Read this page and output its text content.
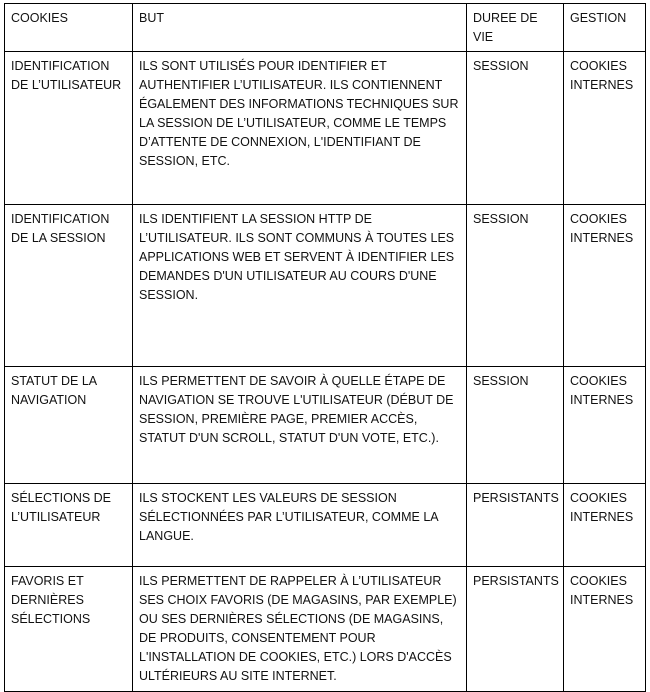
COOKIES	BUT	DUREE DE VIE	GESTION
IDENTIFICATION DE L’UTILISATEUR	ILS SONT UTILISÉS POUR IDENTIFIER ET AUTHENTIFIER L’UTILISATEUR. ILS CONTIENNENT ÉGALEMENT DES INFORMATIONS TECHNIQUES SUR LA SESSION DE L’UTILISATEUR, COMME LE TEMPS D’ATTENTE DE CONNEXION, L'IDENTIFIANT DE SESSION, ETC.	SESSION	COOKIES INTERNES
IDENTIFICATION DE LA SESSION	ILS IDENTIFIENT LA SESSION HTTP DE L’UTILISATEUR. ILS SONT COMMUNS À TOUTES LES APPLICATIONS WEB ET SERVENT À IDENTIFIER LES DEMANDES D'UN UTILISATEUR AU COURS D'UNE SESSION.	SESSION	COOKIES INTERNES
STATUT DE LA NAVIGATION	ILS PERMETTENT DE SAVOIR À QUELLE ÉTAPE DE NAVIGATION SE TROUVE L'UTILISATEUR (DÉBUT DE SESSION, PREMIÈRE PAGE, PREMIER ACCÈS, STATUT D'UN SCROLL, STATUT D'UN VOTE, ETC.).	SESSION	COOKIES INTERNES
SÉLECTIONS DE L’UTILISATEUR	ILS STOCKENT LES VALEURS DE SESSION SÉLECTIONNÉES PAR L’UTILISATEUR, COMME LA LANGUE.	PERSISTANTS	COOKIES INTERNES
FAVORIS ET DERNIÈRES SÉLECTIONS	ILS PERMETTENT DE RAPPELER À L’UTILISATEUR SES CHOIX FAVORIS (DE MAGASINS, PAR EXEMPLE) OU SES DERNIÈRES SÉLECTIONS (DE MAGASINS, DE PRODUITS, CONSENTEMENT POUR L'INSTALLATION DE COOKIES, ETC.) LORS D'ACCÈS ULTÉRIEURS AU SITE INTERNET.	PERSISTANTS	COOKIES INTERNES
